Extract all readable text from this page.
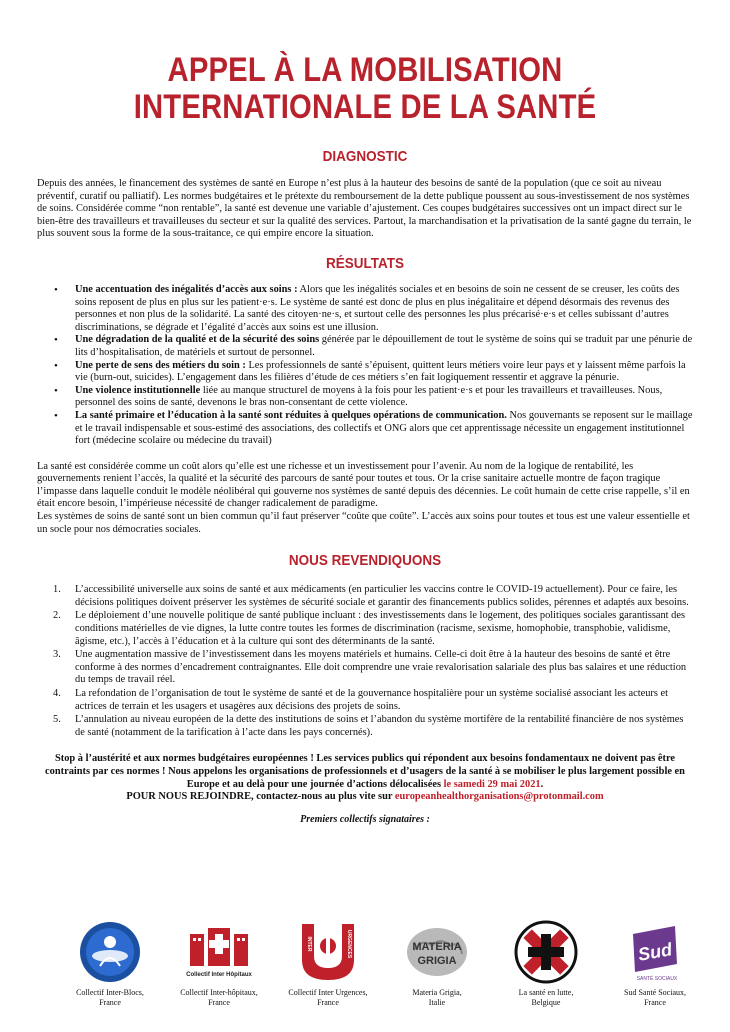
APPEL À LA MOBILISATION
INTERNATIONALE DE LA SANTÉ
DIAGNOSTIC

Depuis des années, le financement des systèmes de santé en Europe n’est plus à la hauteur des besoins de santé de la population (que ce soit au niveau préventif, curatif ou palliatif). Les normes budgétaires et le prétexte du remboursement de la dette publique poussent au sous-investissement de nos systèmes de soins. Considérée comme “non rentable”, la santé est devenue une variable d’ajustement. Ces coupes budgétaires successives ont un impact direct sur le bien-être des travailleurs et travailleuses du secteur et sur la qualité des services. Partout, la marchandisation et la privatisation de la santé gagne du terrain, le plus souvent sous la forme de la sous-traitance, ce qui empire encore la situation.

RÉSULTATS
• Une accentuation des inégalités d’accès aux soins : Alors que les inégalités sociales et en besoins de soin ne cessent de se creuser, les coûts des soins reposent de plus en plus sur les patient·e·s. Le système de santé est donc de plus en plus inégalitaire et dépend désormais des revenus des personnes et non plus de la solidarité. La santé des citoyen·ne·s, et surtout celle des personnes les plus précarisé·e·s et celles subissant d’autres discriminations, se dégrade et l’égalité d’accès aux soins est une illusion.
• Une dégradation de la qualité et de la sécurité des soins générée par le dépouillement de tout le système de soins qui se traduit par une pénurie de lits d’hospitalisation, de matériels et surtout de personnel.
• Une perte de sens des métiers du soin : Les professionnels de santé s’épuisent, quittent leurs métiers voire leur pays et y laissent même parfois la vie (burn-out, suicides). L’engagement dans les filières d’étude de ces métiers s’en fait logiquement ressentir et aggrave la pénurie.
• Une violence institutionnelle liée au manque structurel de moyens à la fois pour les patient·e·s et pour les travailleurs et travailleuses. Nous, personnel des soins de santé, devenons le bras non-consentant de cette violence.
• La santé primaire et l’éducation à la santé sont réduites à quelques opérations de communication. Nos gouvernants se reposent sur le maillage et le travail indispensable et sous-estimé des associations, des collectifs et ONG alors que cet apprentissage nécessite un engagement institutionnel fort (médecine scolaire ou médecine du travail)

La santé est considérée comme un coût alors qu’elle est une richesse et un investissement pour l’avenir. Au nom de la logique de rentabilité, les gouvernements renient l’accès, la qualité et la sécurité des parcours de santé pour toutes et tous. Or la crise sanitaire actuelle montre de façon tragique l’impasse dans laquelle conduit le modèle néolibéral qui gouverne nos systèmes de santé depuis des décennies. Le coût humain de cette crise rappelle, s’il en était encore besoin, l’impérieuse nécessité de changer radicalement de paradigme.
Les systèmes de soins de santé sont un bien commun qu’il faut préserver “coûte que coûte”. L’accès aux soins pour toutes et tous est une valeur essentielle et un socle pour nos démocraties sociales.

NOUS REVENDIQUONS
1. L’accessibilité universelle aux soins de santé et aux médicaments (en particulier les vaccins contre le COVID-19 actuellement). Pour ce faire, les décisions politiques doivent préserver les systèmes de sécurité sociale et garantir des financements publics solides, pérennes et adaptés aux besoins.
2. Le déploiement d’une nouvelle politique de santé publique incluant : des investissements dans le logement, des politiques sociales garantissant des conditions matérielles de vie dignes, la lutte contre toutes les formes de discrimination (racisme, sexisme, homophobie, transphobie, validisme, âgisme, etc.), l’accès à l’éducation et à la culture qui sont des déterminants de la santé.
3. Une augmentation massive de l’investissement dans les moyens matériels et humains. Celle-ci doit être à la hauteur des besoins de santé et être conforme à des normes d’encadrement contraignantes. Elle doit comprendre une vraie revalorisation salariale des plus bas salaires et une réduction du temps de travail réel.
4. La refondation de l’organisation de tout le système de santé et de la gouvernance hospitalière pour un système socialisé associant les acteurs et actrices de terrain et les usagers et usagères aux décisions des projets de soins.
5. L’annulation au niveau européen de la dette des institutions de soins et l’abandon du système mortifère de la rentabilité financière de nos systèmes de santé (notamment de la tarification à l’acte dans les pays concernés).

Stop à l’austérité et aux normes budgétaires européennes ! Les services publics qui répondent aux besoins fondamentaux ne doivent pas être contraints par ces normes ! Nous appelons les organisations de professionnels et d’usagers de la santé à se mobiliser le plus largement possible en Europe et au delà pour une journée d’actions délocalisées le samedi 29 mai 2021.
POUR NOUS REJOINDRE, contactez-nous au plus vite sur europeanhealthorganisations@protonmail.com

Premiers collectifs signataires :
Collectif Inter-Blocs,
France
Collectif Inter Hôpitaux
Collectif Inter-hôpitaux,
France
INTER	URGENCES
Collectif Inter Urgences,
France
MATERIA
GRIGIA
Materia Grigia,
Italie
La santé en lutte,
Belgique
Sud
SANTÉ SOCIAUX
Sud Santé Sociaux,
France
